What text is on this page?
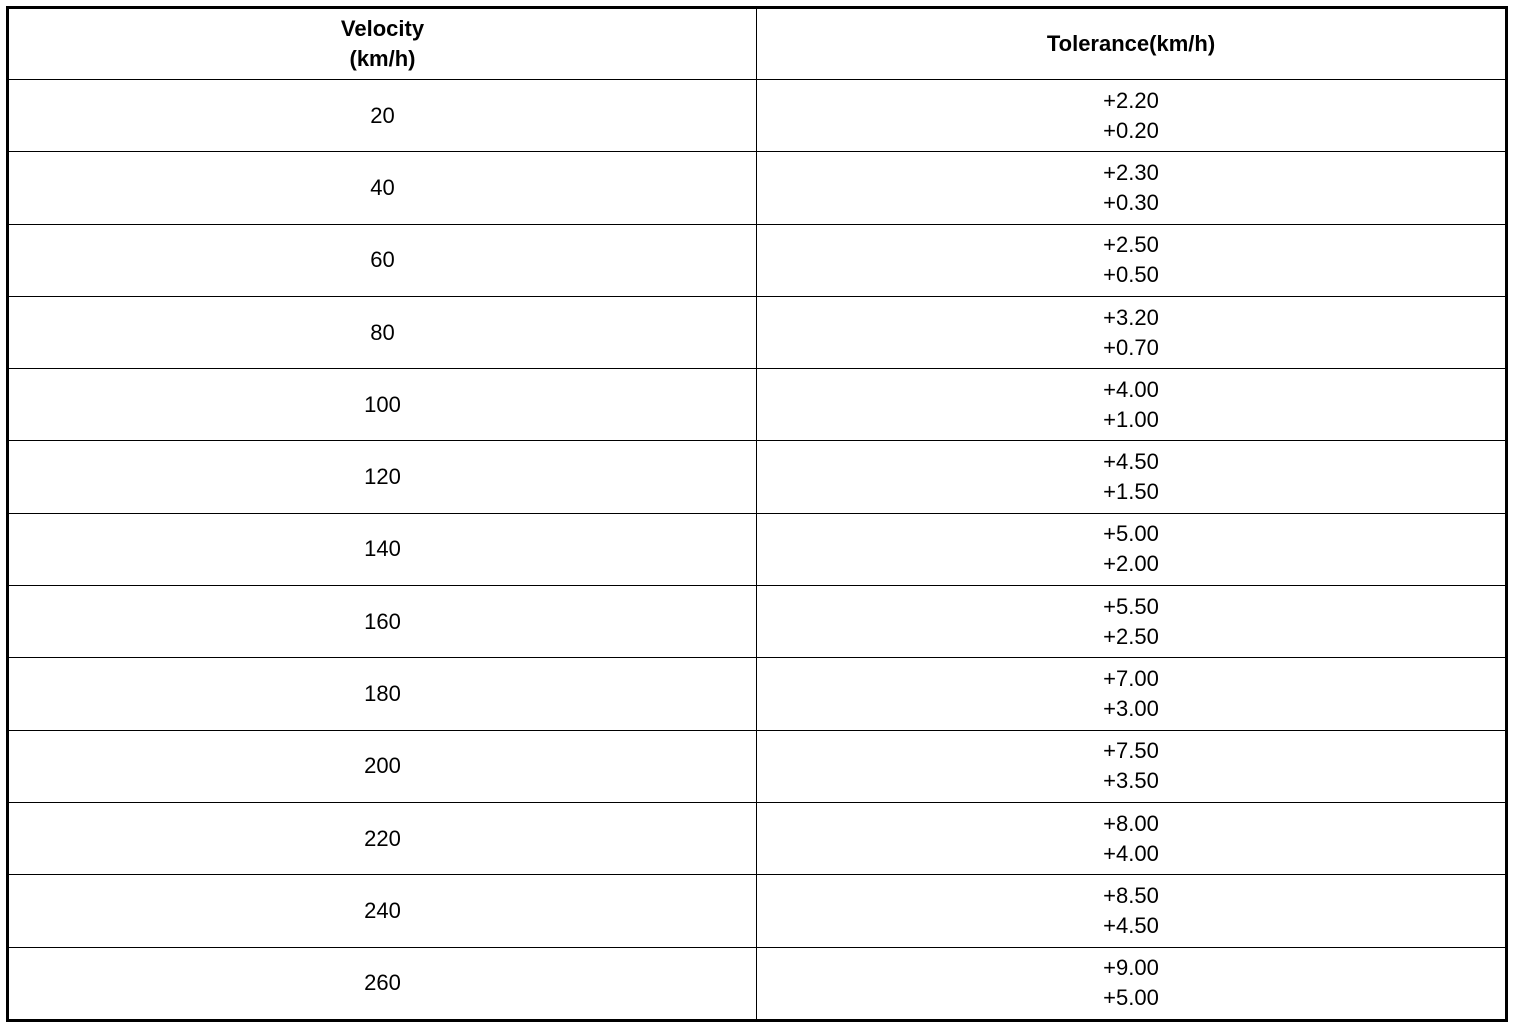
Velocity
(km/h)	Tolerance(km/h)
20	+2.20
+0.20

40	+2.30
+0.30

60	+2.50
+0.50

80	+3.20
+0.70

100	+4.00
+1.00

120	+4.50
+1.50

140	+5.00
+2.00

160	+5.50
+2.50

180	+7.00
+3.00

200	+7.50
+3.50

220	+8.00
+4.00

240	+8.50
+4.50

260	+9.00
+5.00
